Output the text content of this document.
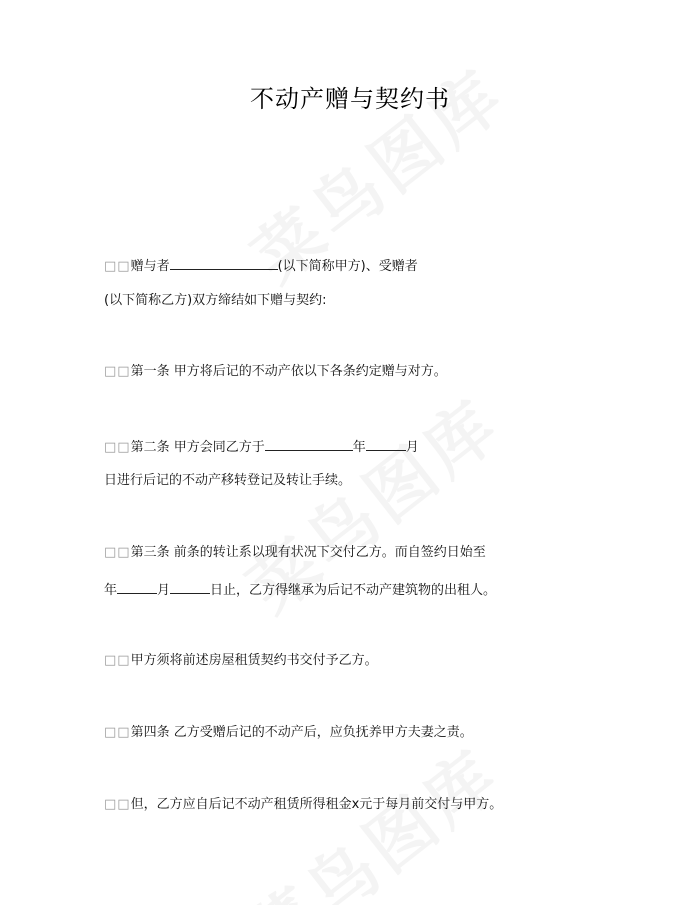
不动产赠与契约书
□□赠与者	(以下简称甲方)、受赠者
(以下简称乙方)双方缔结如下赠与契约:
□□第一条 甲方将后记的不动产依以下各条约定赠与对方。
□□第二条 甲方会同乙方于	年	月
日进行后记的不动产移转登记及转让手续。
□□第三条 前条的转让系以现有状况下交付乙方。而自签约日始至
年	月	日止，乙方得继承为后记不动产建筑物的出租人。
□□甲方须将前述房屋租赁契约书交付予乙方。
□□第四条 乙方受赠后记的不动产后，应负抚养甲方夫妻之责。
□□但，乙方应自后记不动产租赁所得租金x元于每月前交付与甲方。
